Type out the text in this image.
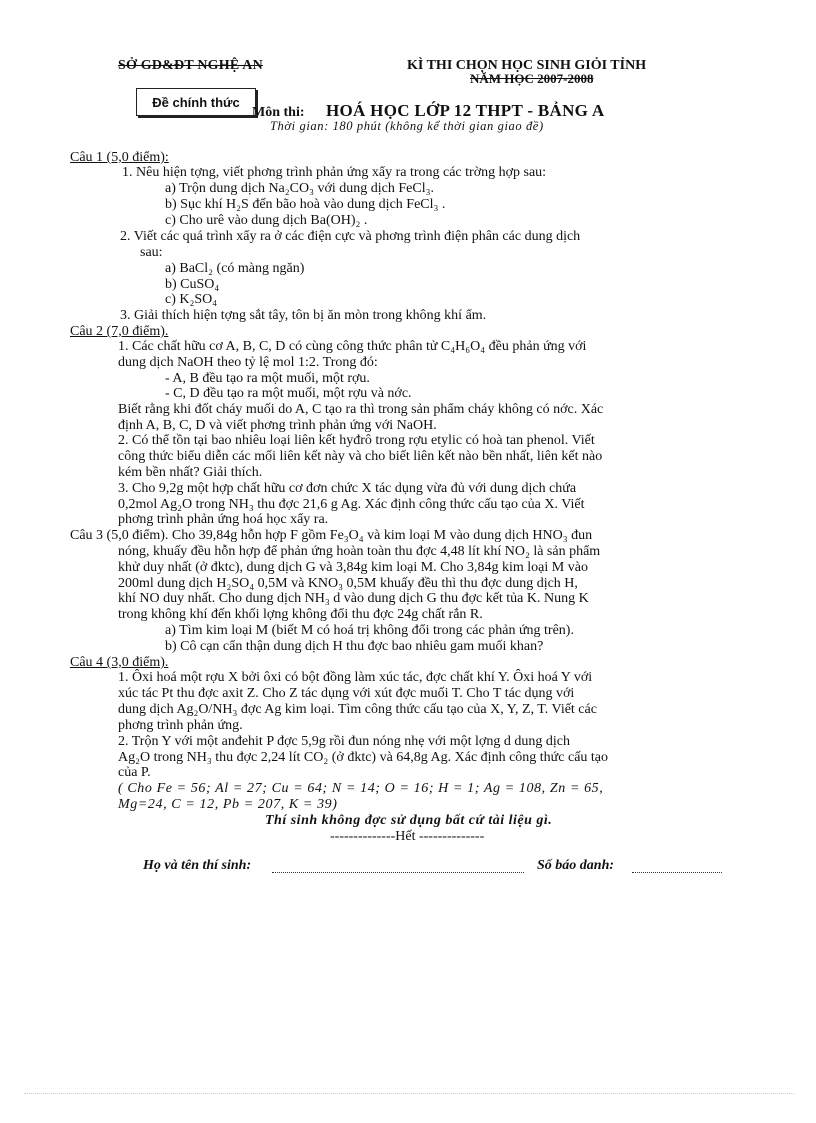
SỞ GD&ĐT NGHỆ AN	KÌ THI CHỌN HỌC SINH GIỎI TỈNH
NĂM HỌC 2007-2008
Đề chính thức
Môn thi: HOÁ HỌC LỚP 12 THPT - BẢNG A
Thời gian: 180 phút (không kể thời gian giao đề)
Câu 1 (5,0 điểm):
1. Nêu hiện tợng, viết phơng trình phản ứng xẩy ra trong các trờng hợp sau:
a) Trộn dung dịch Na₂CO₃ với dung dịch FeCl₃.
b) Sục khí H₂S đến bão hoà vào dung dịch FeCl₃ .
c) Cho urê vào dung dịch Ba(OH)₂ .
2. Viết các quá trình xẩy ra ở các điện cực và phơng trình điện phân các dung dịch
sau:
a) BaCl₂ (có màng ngăn)
b) CuSO₄
c) K₂SO₄
3. Giải thích hiện tợng sắt tây, tôn bị ăn mòn trong không khí ẩm.
Câu 2 (7,0 điểm).
1. Các chất hữu cơ A, B, C, D có cùng công thức phân tử C₄H₆O₄ đều phản ứng với
dung dịch NaOH theo tỷ lệ mol 1:2. Trong đó:
- A, B đều tạo ra một muối, một rợu.
- C, D đều tạo ra một muối, một rợu và nớc.
Biết rằng khi đốt cháy muối do A, C tạo ra thì trong sản phẩm cháy không có nớc. Xác
định A, B, C, D và viết phơng trình phản ứng với NaOH.
2. Có thể tồn tại bao nhiêu loại liên kết hyđrô trong rợu etylic có hoà tan phenol. Viết
công thức biểu diễn các mối liên kết này và cho biết liên kết nào bền nhất, liên kết nào
kém bền nhất? Giải thích.
3. Cho 9,2g một hợp chất hữu cơ đơn chức X tác dụng vừa đủ với dung dịch chứa
0,2mol Ag₂O trong NH₃ thu đợc 21,6 g Ag. Xác định công thức cấu tạo của X. Viết
phơng trình phản ứng hoá học xẩy ra.
Câu 3 (5,0 điểm). Cho 39,84g hỗn hợp F gồm Fe₃O₄ và kim loại M vào dung dịch HNO₃ đun
nóng, khuấy đều hỗn hợp để phản ứng hoàn toàn thu đợc 4,48 lít khí NO₂ là sản phẩm
khử duy nhất (ở đktc), dung dịch G và 3,84g kim loại M. Cho 3,84g kim loại M vào
200ml dung dịch H₂SO₄ 0,5M và KNO₃ 0,5M khuấy đều thì thu đợc dung dịch H,
khí NO duy nhất. Cho dung dịch NH₃ d vào dung dịch G thu đợc kết tủa K. Nung K
trong không khí đến khối lợng không đổi thu đợc 24g chất rắn R.
a) Tìm kim loại M (biết M có hoá trị không đổi trong các phản ứng trên).
b) Cô cạn cẩn thận dung dịch H thu đợc bao nhiêu gam muối khan?
Câu 4 (3,0 điểm).
1. Ôxi hoá một rợu X bởi ôxi có bột đồng làm xúc tác, đợc chất khí Y. Ôxi hoá Y với
xúc tác Pt thu đợc axit Z. Cho Z tác dụng với xút đợc muối T. Cho T tác dụng với
dung dịch Ag₂O/NH₃ đợc Ag kim loại. Tìm công thức cấu tạo của X, Y, Z, T. Viết các
phơng trình phản ứng.
2. Trộn Y với một anđehit P đợc 5,9g rồi đun nóng nhẹ với một lợng d dung dịch
Ag₂O trong NH₃ thu đợc 2,24 lít CO₂ (ở đktc) và 64,8g Ag. Xác định công thức cấu tạo
của P.
( Cho Fe = 56; Al = 27; Cu = 64; N = 14; O = 16; H = 1; Ag = 108, Zn = 65,
Mg=24, C = 12, Pb = 207, K = 39)
Thí sinh không đợc sử dụng bất cứ tài liệu gì.
--------------Hết --------------
Họ và tên thí sinh:	Số báo danh:
